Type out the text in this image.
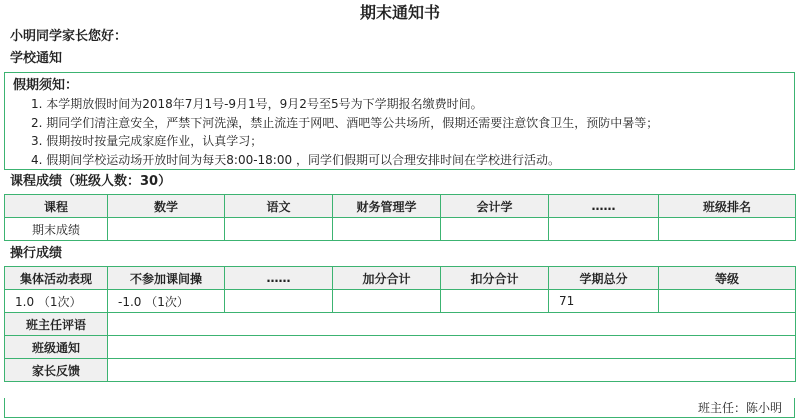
期末通知书
小明同学家长您好：
学校通知
假期须知：
1. 本学期放假时间为2018年7月1号-9月1号，9月2号至5号为下学期报名缴费时间。
2. 期同学们清注意安全，严禁下河洗澡，禁止流连于网吧、酒吧等公共场所，假期还需要注意饮食卫生，预防中暑等；
3. 假期按时按量完成家庭作业，认真学习；
4. 假期间学校运动场开放时间为每天8:00-18:00 ，同学们假期可以合理安排时间在学校进行活动。
课程成绩（班级人数：30）
课程	数学	语文	财务管理学	会计学	……	班级排名
期末成绩						
操行成绩
集体活动表现	不参加课间操	……	加分合计	扣分合计	学期总分	等级
1.0 （1次）	-1.0 （1次）				71	
班主任评语						
班级通知						
家长反馈						
班主任：陈小明
